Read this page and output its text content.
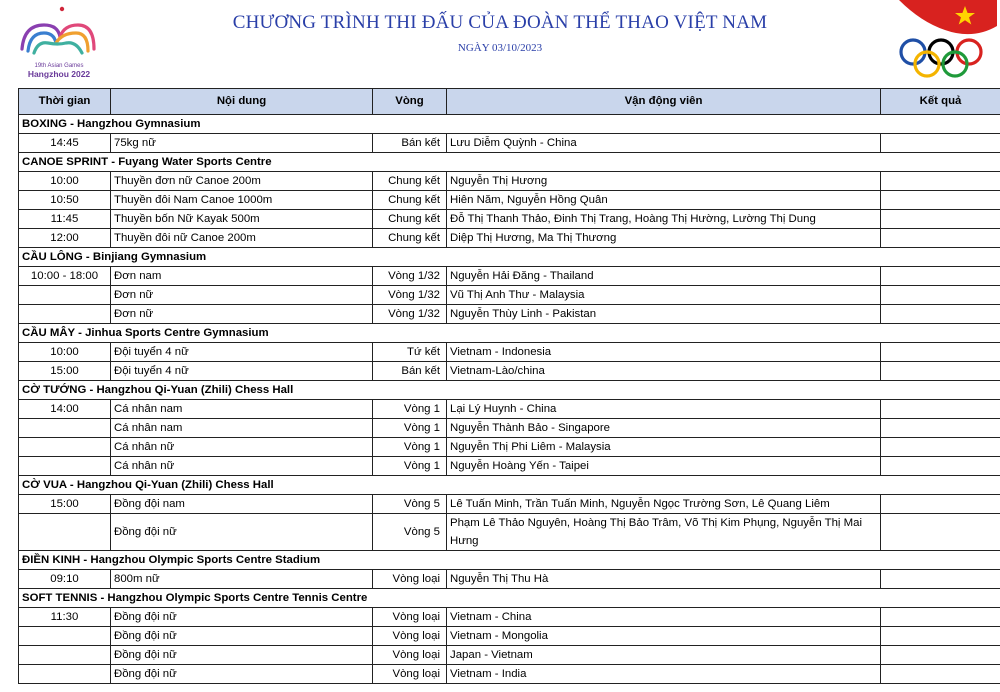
19th Asian Games
Hangzhou 2022
CHƯƠNG TRÌNH THI ĐẤU CỦA ĐOÀN THỂ THAO VIỆT NAM
NGÀY 03/10/2023
Thời gian	Nội dung	Vòng	Vận động viên	Kết quả
BOXING - Hangzhou Gymnasium				
14:45	75kg nữ	Bán kết	Lưu Diễm Quỳnh - China	
CANOE SPRINT - Fuyang Water Sports Centre				
10:00	Thuyền đơn nữ Canoe 200m	Chung kết	Nguyễn Thị Hương	
10:50	Thuyền đôi Nam Canoe 1000m	Chung kết	Hiên Năm, Nguyễn Hồng Quân	
11:45	Thuyền bốn Nữ Kayak 500m	Chung kết	Đỗ Thị Thanh Thảo, Đinh Thị Trang, Hoàng Thị Hường, Lường Thị Dung	
12:00	Thuyền đôi nữ Canoe 200m	Chung kết	Diệp Thị Hương, Ma Thị Thương	
CẦU LÔNG - Binjiang Gymnasium				
10:00 - 18:00	Đơn nam	Vòng 1/32	Nguyễn Hải Đăng - Thailand	
	Đơn nữ	Vòng 1/32	Vũ Thị Anh Thư - Malaysia	
	Đơn nữ	Vòng 1/32	Nguyễn Thùy Linh - Pakistan	
CẦU MÂY - Jinhua Sports Centre Gymnasium				
10:00	Đội tuyển 4 nữ	Tứ kết	Vietnam - Indonesia	
15:00	Đội tuyển 4 nữ	Bán kết	Vietnam-Lào/china	
CỜ TƯỚNG - Hangzhou Qi-Yuan (Zhili) Chess Hall				
14:00	Cá nhân nam	Vòng 1	Lại Lý Huynh - China	
	Cá nhân nam	Vòng 1	Nguyễn Thành Bảo - Singapore	
	Cá nhân nữ	Vòng 1	Nguyễn Thị Phi Liêm - Malaysia	
	Cá nhân nữ	Vòng 1	Nguyễn Hoàng Yến - Taipei	
CỜ VUA - Hangzhou Qi-Yuan (Zhili) Chess Hall				
15:00	Đồng đội nam	Vòng 5	Lê Tuấn Minh, Trần Tuấn Minh, Nguyễn Ngọc Trường Sơn, Lê Quang Liêm	
	Đồng đội nữ	Vòng 5	Phạm Lê Thảo Nguyên, Hoàng Thị Bảo Trâm, Võ Thị Kim Phụng, Nguyễn Thị Mai Hưng	
ĐIỀN KINH - Hangzhou Olympic Sports Centre Stadium				
09:10	800m nữ	Vòng loại	Nguyễn Thị Thu Hà	
SOFT TENNIS - Hangzhou Olympic Sports Centre Tennis Centre				
11:30	Đồng đội nữ	Vòng loại	Vietnam - China	
	Đồng đội nữ	Vòng loại	Vietnam - Mongolia	
	Đồng đội nữ	Vòng loại	Japan - Vietnam	
	Đồng đội nữ	Vòng loại	Vietnam - India	
